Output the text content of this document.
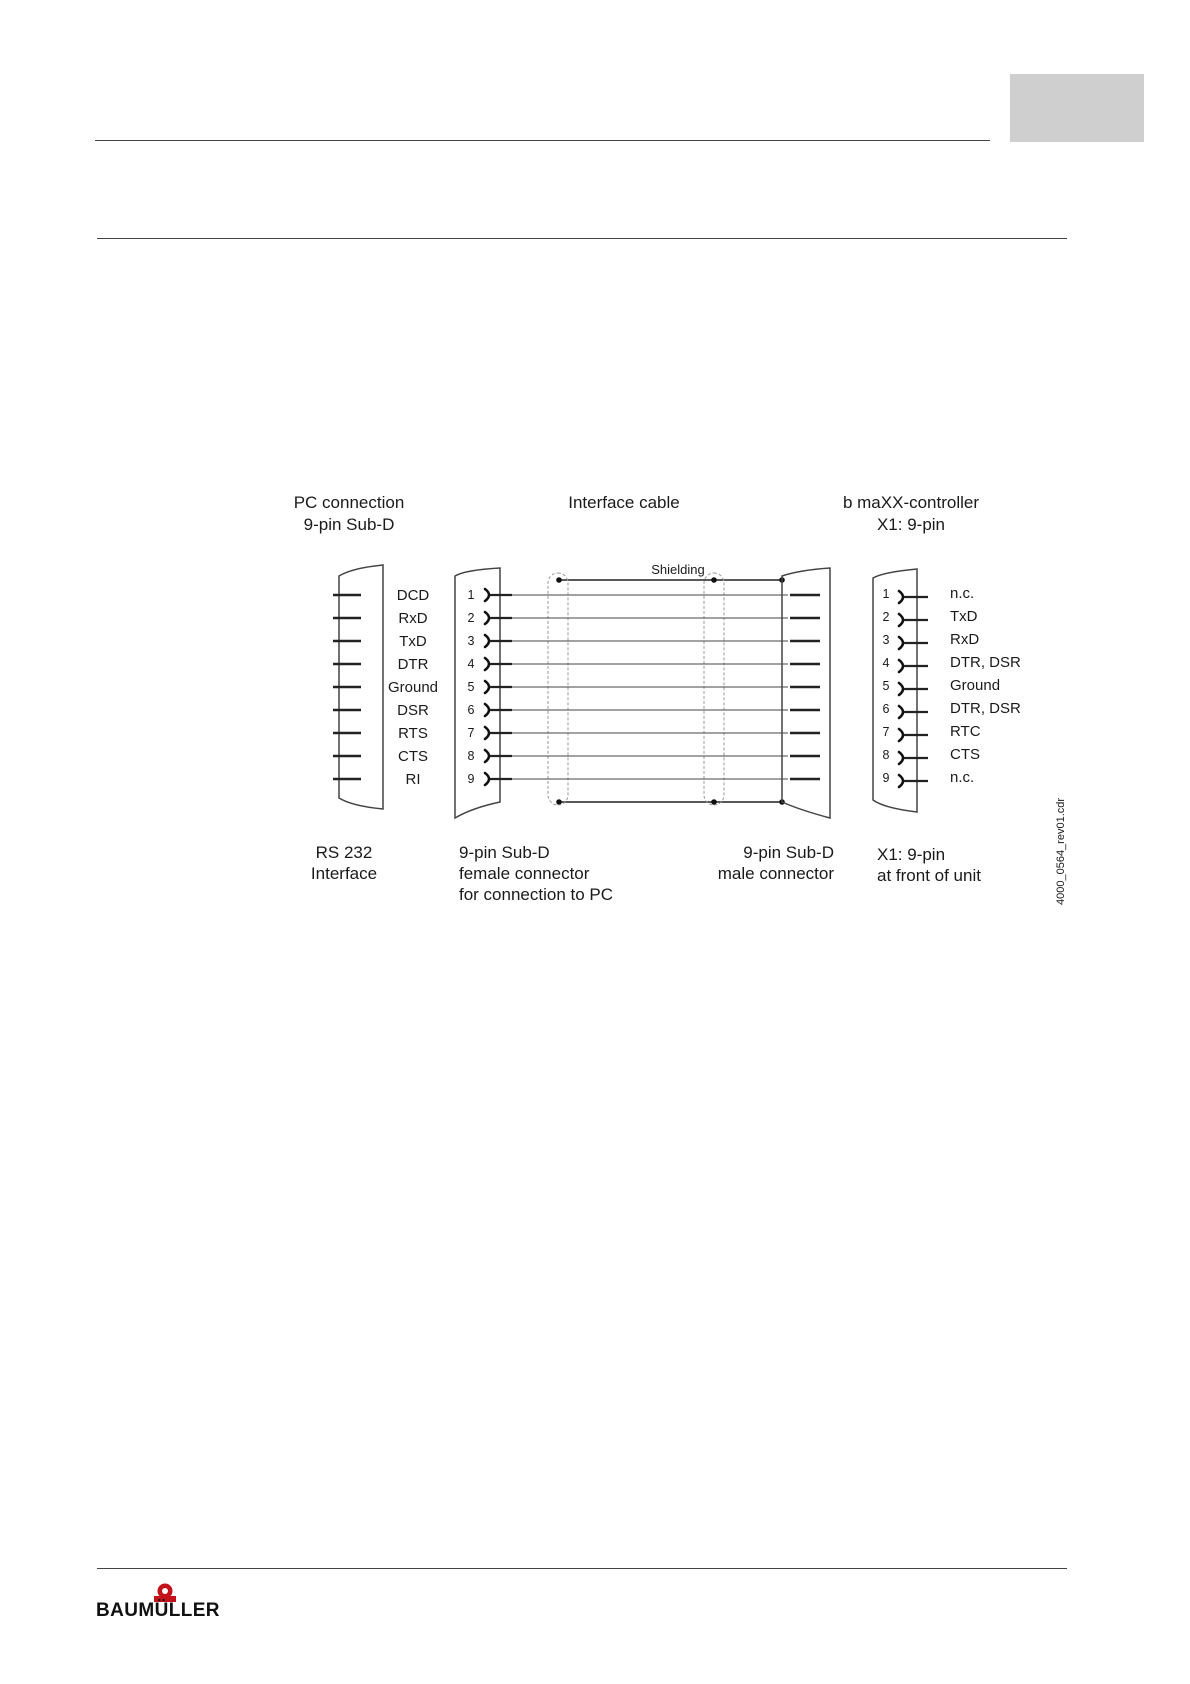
PC connection
9-pin Sub-D
Interface cable	b maXX-controller
X1: 9-pin
Shielding
DCD	1	1	n.c.
RxD	2	2	TxD
TxD	3	3	RxD
DTR	4	4	DTR, DSR
Ground 5	5	Ground
DSR	6	6	DTR, DSR
RTS	7	7	RTC
CTS	8	8	CTS
RI	9	9	n.c.
RS 232
Interface
9-pin Sub-D
female connector
for connection to PC
9-pin Sub-D
male connector
X1: 9-pin
at front of unit	4000_0564_rev01.cdr
BAUMÜLLER
